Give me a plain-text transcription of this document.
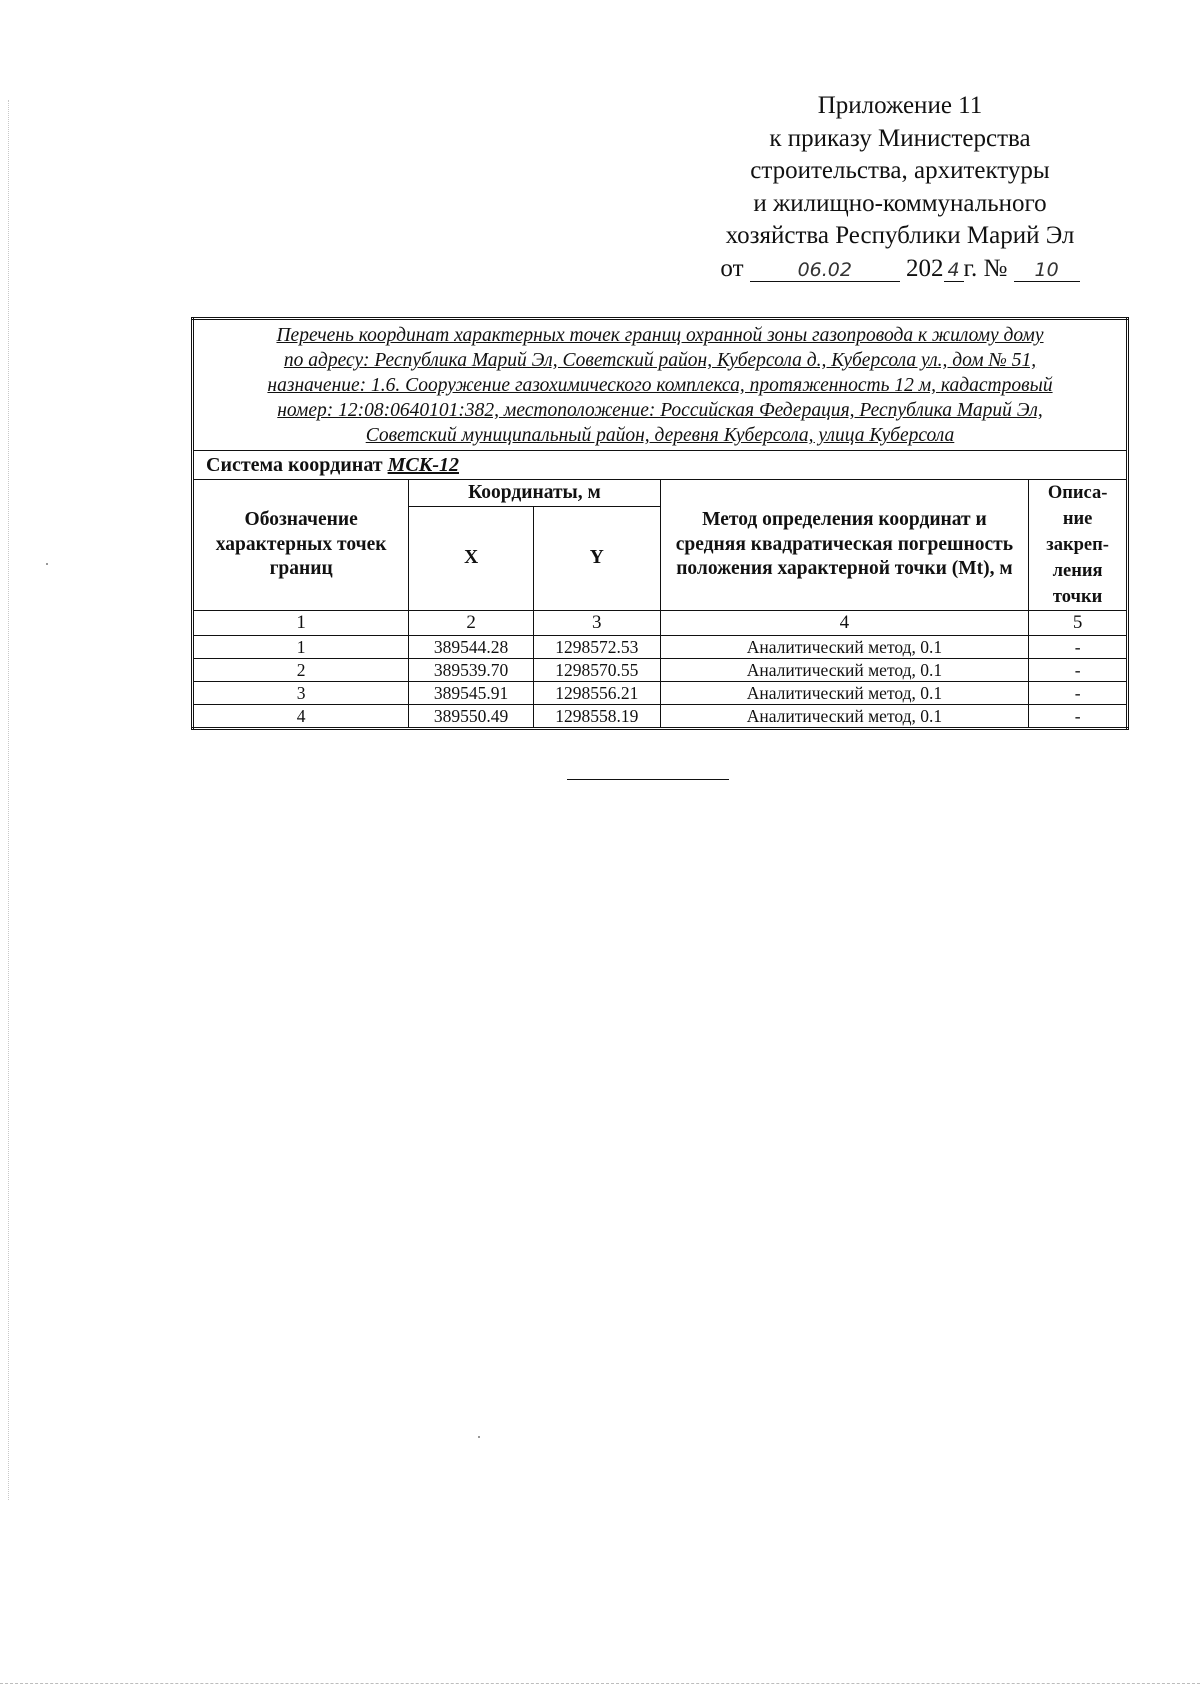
Приложение 11
к приказу Министерства
строительства, архитектуры
и жилищно-коммунального
хозяйства Республики Марий Эл
от	06.02 202 4 г. № 10
Перечень координат характерных точек границ охранной зоны газопровода к жилому дому
по адресу: Республика Марий Эл, Советский район, Куберсола д., Куберсола ул., дом № 51,
назначение: 1.6. Сооружение газохимического комплекса, протяженность 12 м, кадастровый
номер: 12:08:0640101:382, местоположение: Российская Федерация, Республика Марий Эл,
Советский муниципальный район, деревня Куберсола, улица Куберсола				

Система координат МСК-12				
Обозначение характерных точек границ	Координаты, м		Метод определения координат и средняя квадратическая погрешность положения характерной точки (Mt), м	Описа-
ние
закреп-
ления
точки

	X	Y		
1	2	3	4	5
1	389544.28	1298572.53	Аналитический метод, 0.1	-
2	389539.70	1298570.55	Аналитический метод, 0.1	-
3	389545.91	1298556.21	Аналитический метод, 0.1	-
4	389550.49	1298558.19	Аналитический метод, 0.1	-
